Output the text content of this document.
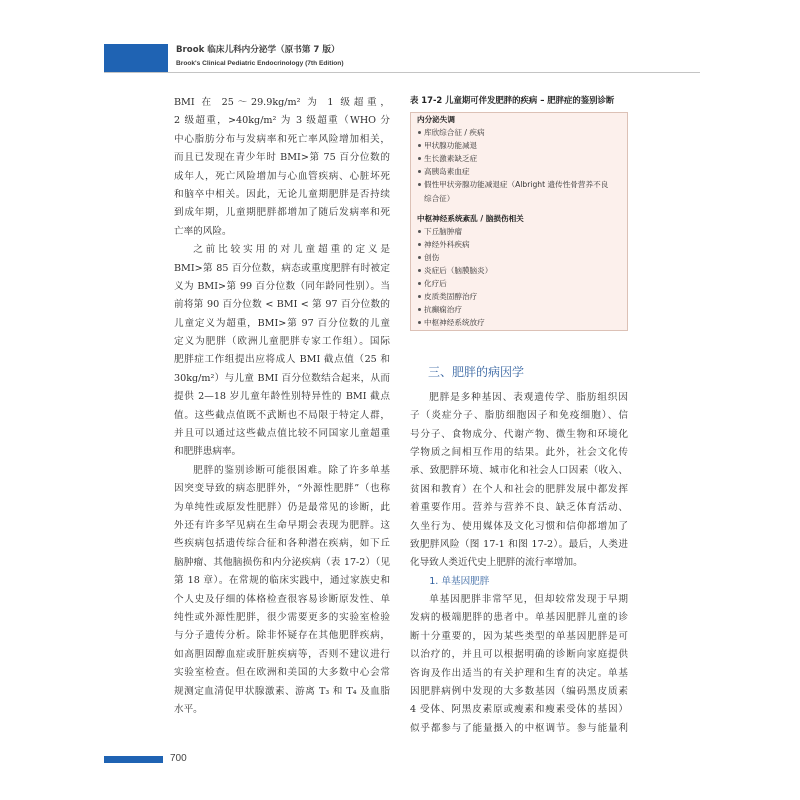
Brook 临床儿科内分泌学（原书第 7 版）
Brook's Clinical Pediatric Endocrinology (7th Edition)
BMI 在 25～29.9kg/m² 为 1 级超重，
2 级超重，>40kg/m² 为 3 级超重（WHO 分
中心脂肪分布与发病率和死亡率风险增加相关，
而且已发现在青少年时 BMI>第 75 百分位数的
成年人，死亡风险增加与心血管疾病、心脏坏死
和脑卒中相关。因此，无论儿童期肥胖是否持续
到成年期，儿童期肥胖都增加了随后发病率和死
亡率的风险。
之前比较实用的对儿童超重的定义是
BMI>第 85 百分位数，病态或重度肥胖有时被定
义为 BMI>第 99 百分位数（同年龄同性别）。当
前将第 90 百分位数 < BMI < 第 97 百分位数的
儿童定义为超重，BMI>第 97 百分位数的儿童
定义为肥胖（欧洲儿童肥胖专家工作组）。国际
肥胖症工作组提出应将成人 BMI 截点值（25 和
30kg/m²）与儿童 BMI 百分位数结合起来，从而
提供 2—18 岁儿童年龄性别特异性的 BMI 截点
值。这些截点值既不武断也不局限于特定人群，
并且可以通过这些截点值比较不同国家儿童超重
和肥胖患病率。
肥胖的鉴别诊断可能很困难。除了许多单基
因突变导致的病态肥胖外，“外源性肥胖”（也称
为单纯性或原发性肥胖）仍是最常见的诊断，此
外还有许多罕见病在生命早期会表现为肥胖。这
些疾病包括遗传综合征和各种潜在疾病，如下丘
脑肿瘤、其他脑损伤和内分泌疾病（表 17-2）（见
第 18 章）。在常规的临床实践中，通过家族史和
个人史及仔细的体格检查很容易诊断原发性、单
纯性或外源性肥胖，很少需要更多的实验室检验
与分子遗传分析。除非怀疑存在其他肥胖疾病，
如高胆固醇血症或肝脏疾病等，否则不建议进行
实验室检查。但在欧洲和美国的大多数中心会常
规测定血清促甲状腺激素、游离 T₃ 和 T₄ 及血脂
水平。
表 17-2 儿童期可伴发肥胖的疾病 – 肥胖症的鉴别诊断
内分泌失调
库欣综合征 / 疾病
甲状腺功能减退
生长激素缺乏症
高胰岛素血症
假性甲状旁腺功能减退症（Albright 遗传性骨营养不良
综合征）
中枢神经系统紊乱 / 脑损伤相关
下丘脑肿瘤
神经外科疾病
创伤
炎症后（脑膜脑炎）
化疗后
皮质类固醇治疗
抗癫痫治疗
中枢神经系统放疗
三、肥胖的病因学
肥胖是多种基因、表观遗传学、脂肪组织因
子（炎症分子、脂肪细胞因子和免疫细胞）、信
号分子、食物成分、代谢产物、微生物和环境化
学物质之间相互作用的结果。此外，社会文化传
承、致肥胖环境、城市化和社会人口因素（收入、
贫困和教育）在个人和社会的肥胖发展中都发挥
着重要作用。营养与营养不良、缺乏体育活动、
久坐行为、使用媒体及文化习惯和信仰都增加了
致肥胖风险（图 17-1 和图 17-2）。最后，人类进
化导致人类近代史上肥胖的流行率增加。
1. 单基因肥胖
单基因肥胖非常罕见，但却较常发现于早期
发病的极端肥胖的患者中。单基因肥胖儿童的诊
断十分重要的，因为某些类型的单基因肥胖是可
以治疗的，并且可以根据明确的诊断向家庭提供
咨询及作出适当的有关护理和生育的决定。单基
因肥胖病例中发现的大多数基因（编码黑皮质素
4 受体、阿黑皮素原或瘦素和瘦素受体的基因）
似乎都参与了能量摄入的中枢调节。参与能量利
700
